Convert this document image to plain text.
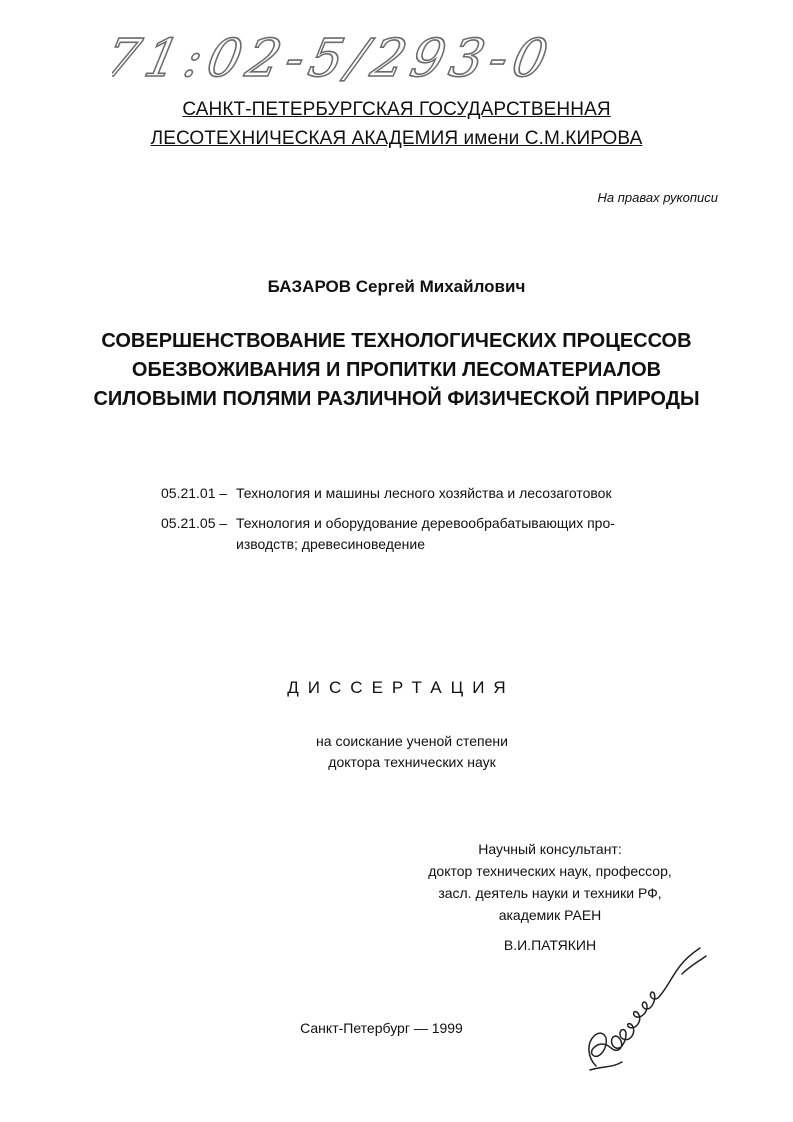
71:02-5/293-0

САНКТ-ПЕТЕРБУРГСКАЯ ГОСУДАРСТВЕННАЯ

ЛЕСОТЕХНИЧЕСКАЯ АКАДЕМИЯ имени С.М.КИРОВА

На правах рукописи

БАЗАРОВ Сергей Михайлович

СОВЕРШЕНСТВОВАНИЕ ТЕХНОЛОГИЧЕСКИХ ПРОЦЕССОВ

ОБЕЗВОЖИВАНИЯ И ПРОПИТКИ ЛЕСОМАТЕРИАЛОВ

СИЛОВЫМИ ПОЛЯМИ РАЗЛИЧНОЙ ФИЗИЧЕСКОЙ ПРИРОДЫ

05.21.01 – Технология и машины лесного хозяйства и лесозаготовок
05.21.05 – Технология и оборудование деревообрабатывающих про-
изводств; древесиноведение

ДИССЕРТАЦИЯ

на соискание ученой степени

доктора технических наук

Научный консультант:

доктор технических наук, профессор,

засл. деятель науки и техники РФ,

академик РАЕН

В.И.ПАТЯКИН

Санкт-Петербург — 1999
